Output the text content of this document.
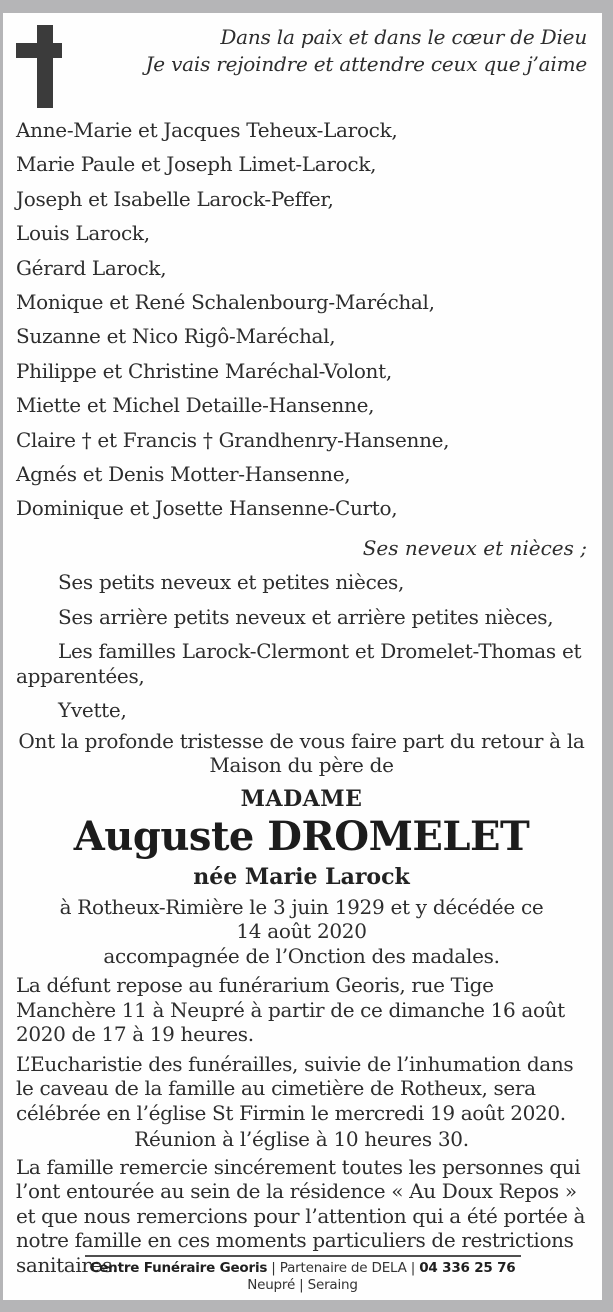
Dans la paix et dans le cœur de Dieu
Je vais rejoindre et attendre ceux que j’aime
Anne-Marie et Jacques Teheux-Larock,
Marie Paule et Joseph Limet-Larock,
Joseph et Isabelle Larock-Peffer,
Louis Larock,
Gérard Larock,
Monique et René Schalenbourg-Maréchal,
Suzanne et Nico Rigô-Maréchal,
Philippe et Christine Maréchal-Volont,
Miette et Michel Detaille-Hansenne,
Claire † et Francis † Grandhenry-Hansenne,
Agnés et Denis Motter-Hansenne,
Dominique et Josette Hansenne-Curto,
Ses neveux et nièces ;
Ses petits neveux et petites nièces,
Ses arrière petits neveux et arrière petites nièces,
Les familles Larock-Clermont et Dromelet-Thomas et apparentées,
Yvette,
Ont la profonde tristesse de vous faire part du retour à la
Maison du père de
MADAME
Auguste DROMELET
née Marie Larock
à Rotheux-Rimière le 3 juin 1929 et y décédée ce
14 août 2020
accompagnée de l’Onction des madales.
La défunt repose au funérarium Georis, rue Tige Manchère 11 à Neupré à partir de ce dimanche 16 août 2020 de 17 à 19 heures.
L’Eucharistie des funérailles, suivie de l’inhumation dans le caveau de la famille au cimetière de Rotheux, sera célébrée en l’église St Firmin le mercredi 19 août 2020.
Réunion à l’église à 10 heures 30.
La famille remercie sincérement toutes les personnes qui l’ont entourée au sein de la résidence « Au Doux Repos » et que nous remercions pour l’attention qui a été portée à notre famille en ces moments particuliers de restrictions sanitaires.
Centre Funéraire Georis | Partenaire de DELA | 04 336 25 76
Neupré | Seraing
